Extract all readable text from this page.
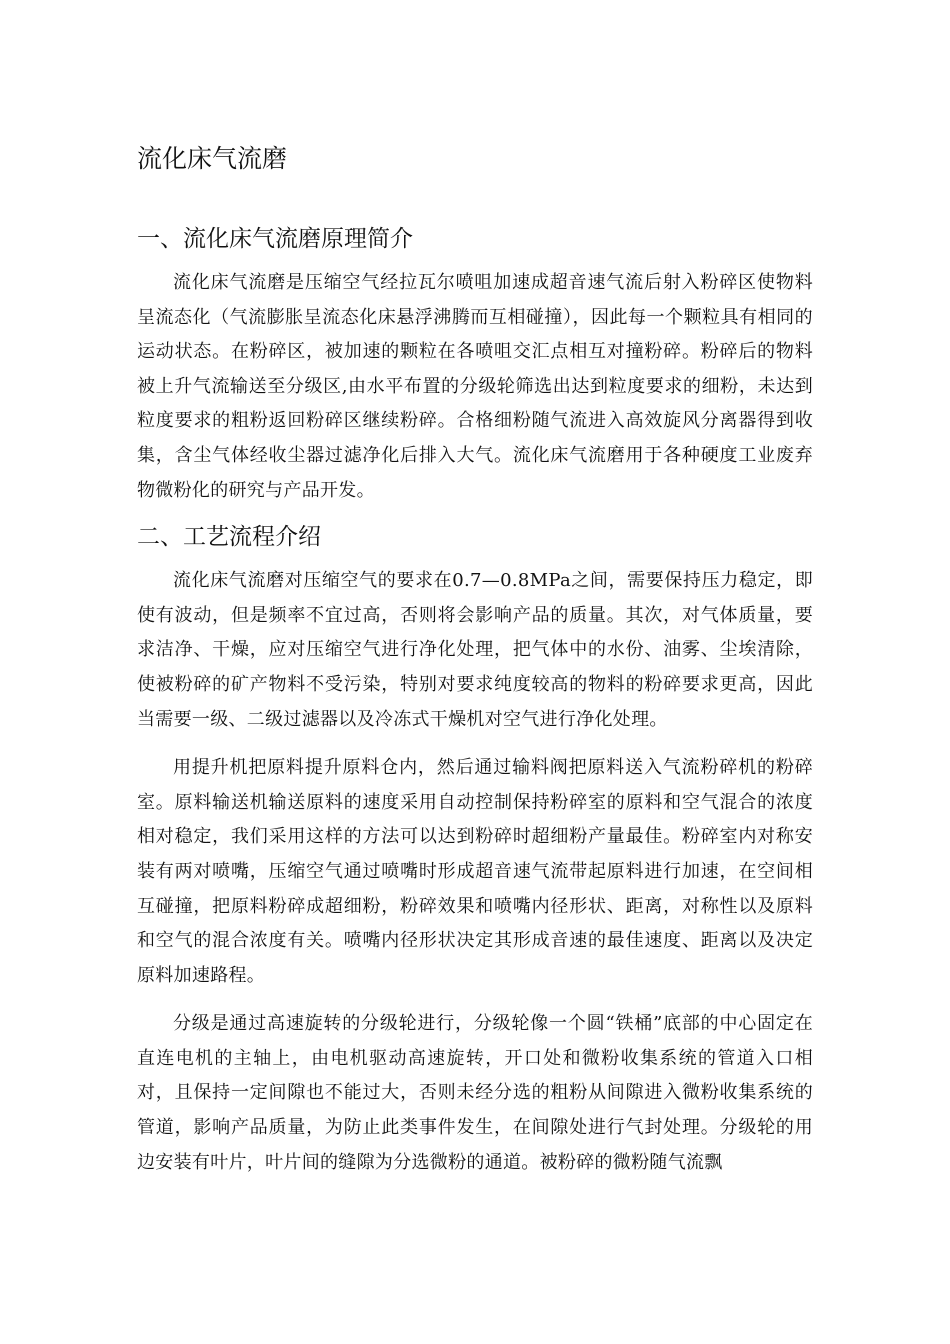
流化床气流磨
一、流化床气流磨原理简介

流化床气流磨是压缩空气经拉瓦尔喷咀加速成超音速气流后射入粉碎区使物料呈流态化（气流膨胀呈流态化床悬浮沸腾而互相碰撞），因此每一个颗粒具有相同的运动状态。在粉碎区，被加速的颗粒在各喷咀交汇点相互对撞粉碎。粉碎后的物料被上升气流输送至分级区,由水平布置的分级轮筛选出达到粒度要求的细粉，未达到粒度要求的粗粉返回粉碎区继续粉碎。合格细粉随气流进入高效旋风分离器得到收集，含尘气体经收尘器过滤净化后排入大气。流化床气流磨用于各种硬度工业废弃物微粉化的研究与产品开发。

二、工艺流程介绍

流化床气流磨对压缩空气的要求在0.7—0.8MPa之间，需要保持压力稳定，即使有波动，但是频率不宜过高，否则将会影响产品的质量。其次，对气体质量，要求洁净、干燥，应对压缩空气进行净化处理，把气体中的水份、油雾、尘埃清除，使被粉碎的矿产物料不受污染，特别对要求纯度较高的物料的粉碎要求更高，因此当需要一级、二级过滤器以及冷冻式干燥机对空气进行净化处理。

用提升机把原料提升原料仓内，然后通过输料阀把原料送入气流粉碎机的粉碎室。原料输送机输送原料的速度采用自动控制保持粉碎室的原料和空气混合的浓度相对稳定，我们采用这样的方法可以达到粉碎时超细粉产量最佳。粉碎室内对称安装有两对喷嘴，压缩空气通过喷嘴时形成超音速气流带起原料进行加速，在空间相互碰撞，把原料粉碎成超细粉，粉碎效果和喷嘴内径形状、距离，对称性以及原料和空气的混合浓度有关。喷嘴内径形状决定其形成音速的最佳速度、距离以及决定原料加速路程。

分级是通过高速旋转的分级轮进行，分级轮像一个圆“铁桶”底部的中心固定在直连电机的主轴上，由电机驱动高速旋转，开口处和微粉收集系统的管道入口相对，且保持一定间隙也不能过大，否则未经分选的粗粉从间隙进入微粉收集系统的管道，影响产品质量，为防止此类事件发生，在间隙处进行气封处理。分级轮的用边安装有叶片，叶片间的缝隙为分选微粉的通道。被粉碎的微粉随气流飘
